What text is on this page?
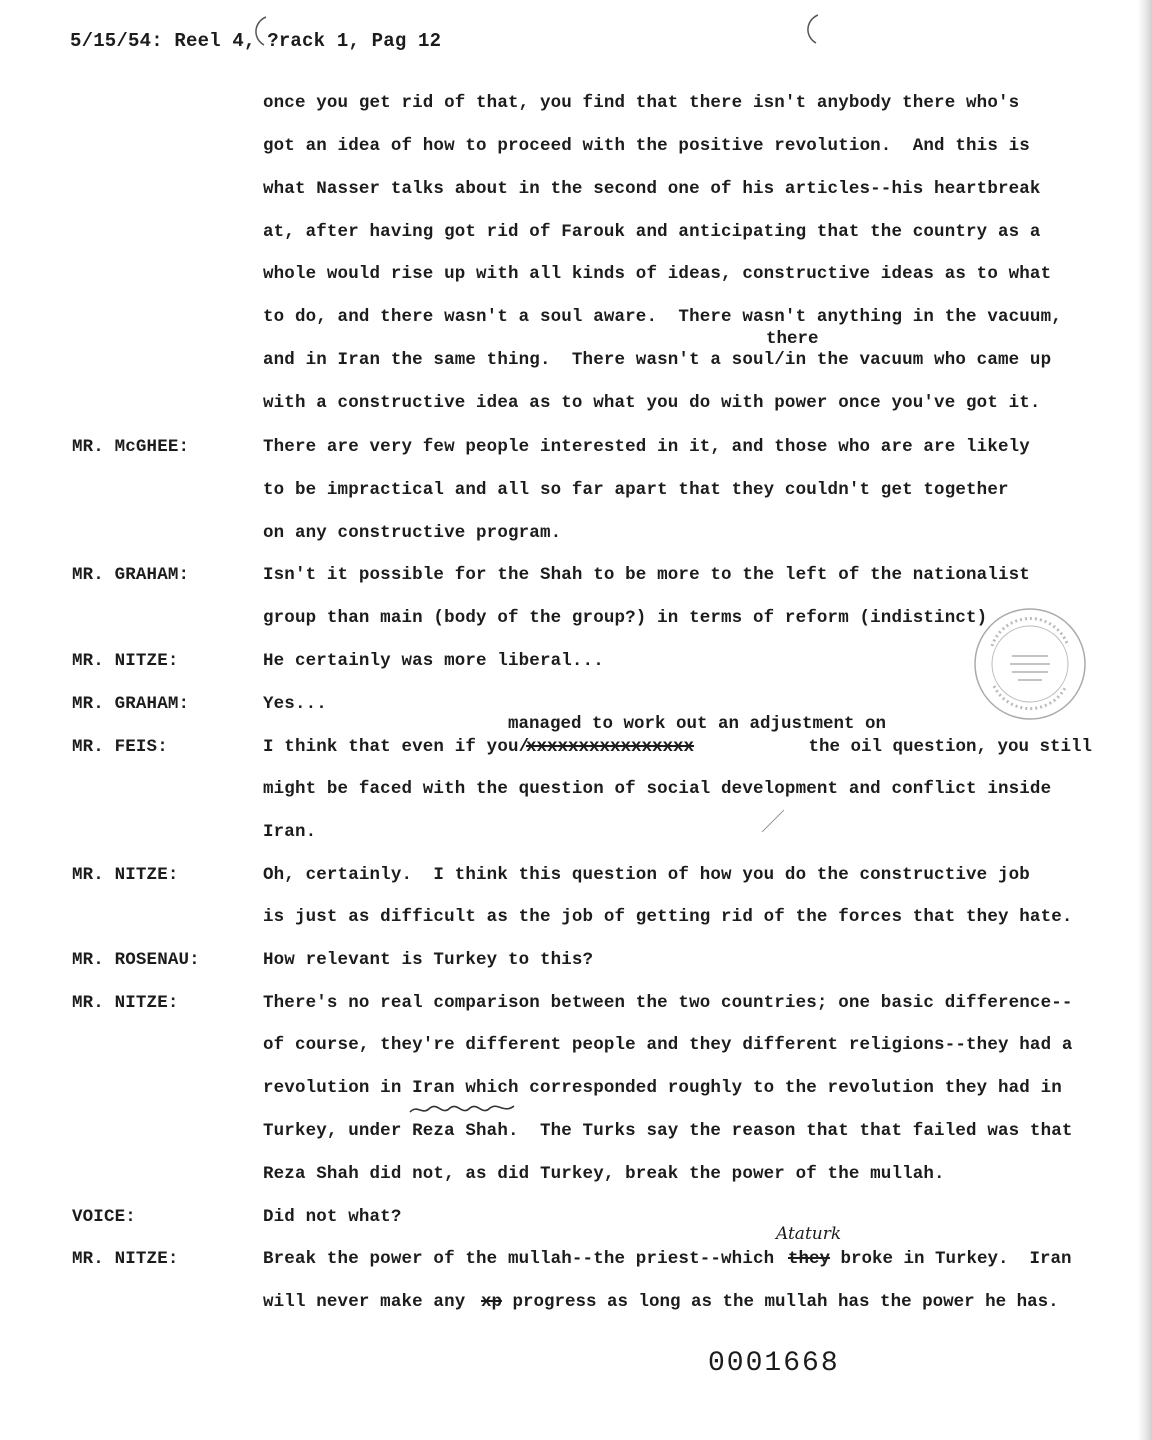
5/15/54: Reel 4, ?rack 1, Pag 12
once you get rid of that, you find that there isn't anybody there who's
got an idea of how to proceed with the positive revolution.  And this is
what Nasser talks about in the second one of his articles--his heartbreak
at, after having got rid of Farouk and anticipating that the country as a
whole would rise up with all kinds of ideas, constructive ideas as to what
to do, and there wasn't a soul aware.  There wasn't anything in the vacuum,
there
and in Iran the same thing.  There wasn't a soul/in the vacuum who came up
with a constructive idea as to what you do with power once you've got it.
MR. McGHEE:	There are very few people interested in it, and those who are are likely
to be impractical and all so far apart that they couldn't get together
on any constructive program.
MR. GRAHAM:	Isn't it possible for the Shah to be more to the left of the nationalist
group than main (body of the group?) in terms of reform (indistinct)
MR. NITZE:	He certainly was more liberal...
MR. GRAHAM:	Yes...
managed to work out an adjustment on
MR. FEIS:	I think that even if you/
xxxxxxxxxxxxxxxx	the oil question, you still
might be faced with the question of social development and conflict inside
Iran.
MR. NITZE:	Oh, certainly.  I think this question of how you do the constructive job
is just as difficult as the job of getting rid of the forces that they hate.
MR. ROSENAU:	How relevant is Turkey to this?
MR. NITZE:	There's no real comparison between the two countries; one basic difference--
of course, they're different people and they different religions--they had a
revolution in Iran which corresponded roughly to the revolution they had in
Turkey, under Reza Shah.  The Turks say the reason that that failed was that
Reza Shah did not, as did Turkey, break the power of the mullah.
VOICE:	Did not what?
Ataturk
MR. NITZE:	Break the power of the mullah--the priest--which they broke in Turkey.  Iran
will never make any xp progress as long as the mullah has the power he has.
0001668
